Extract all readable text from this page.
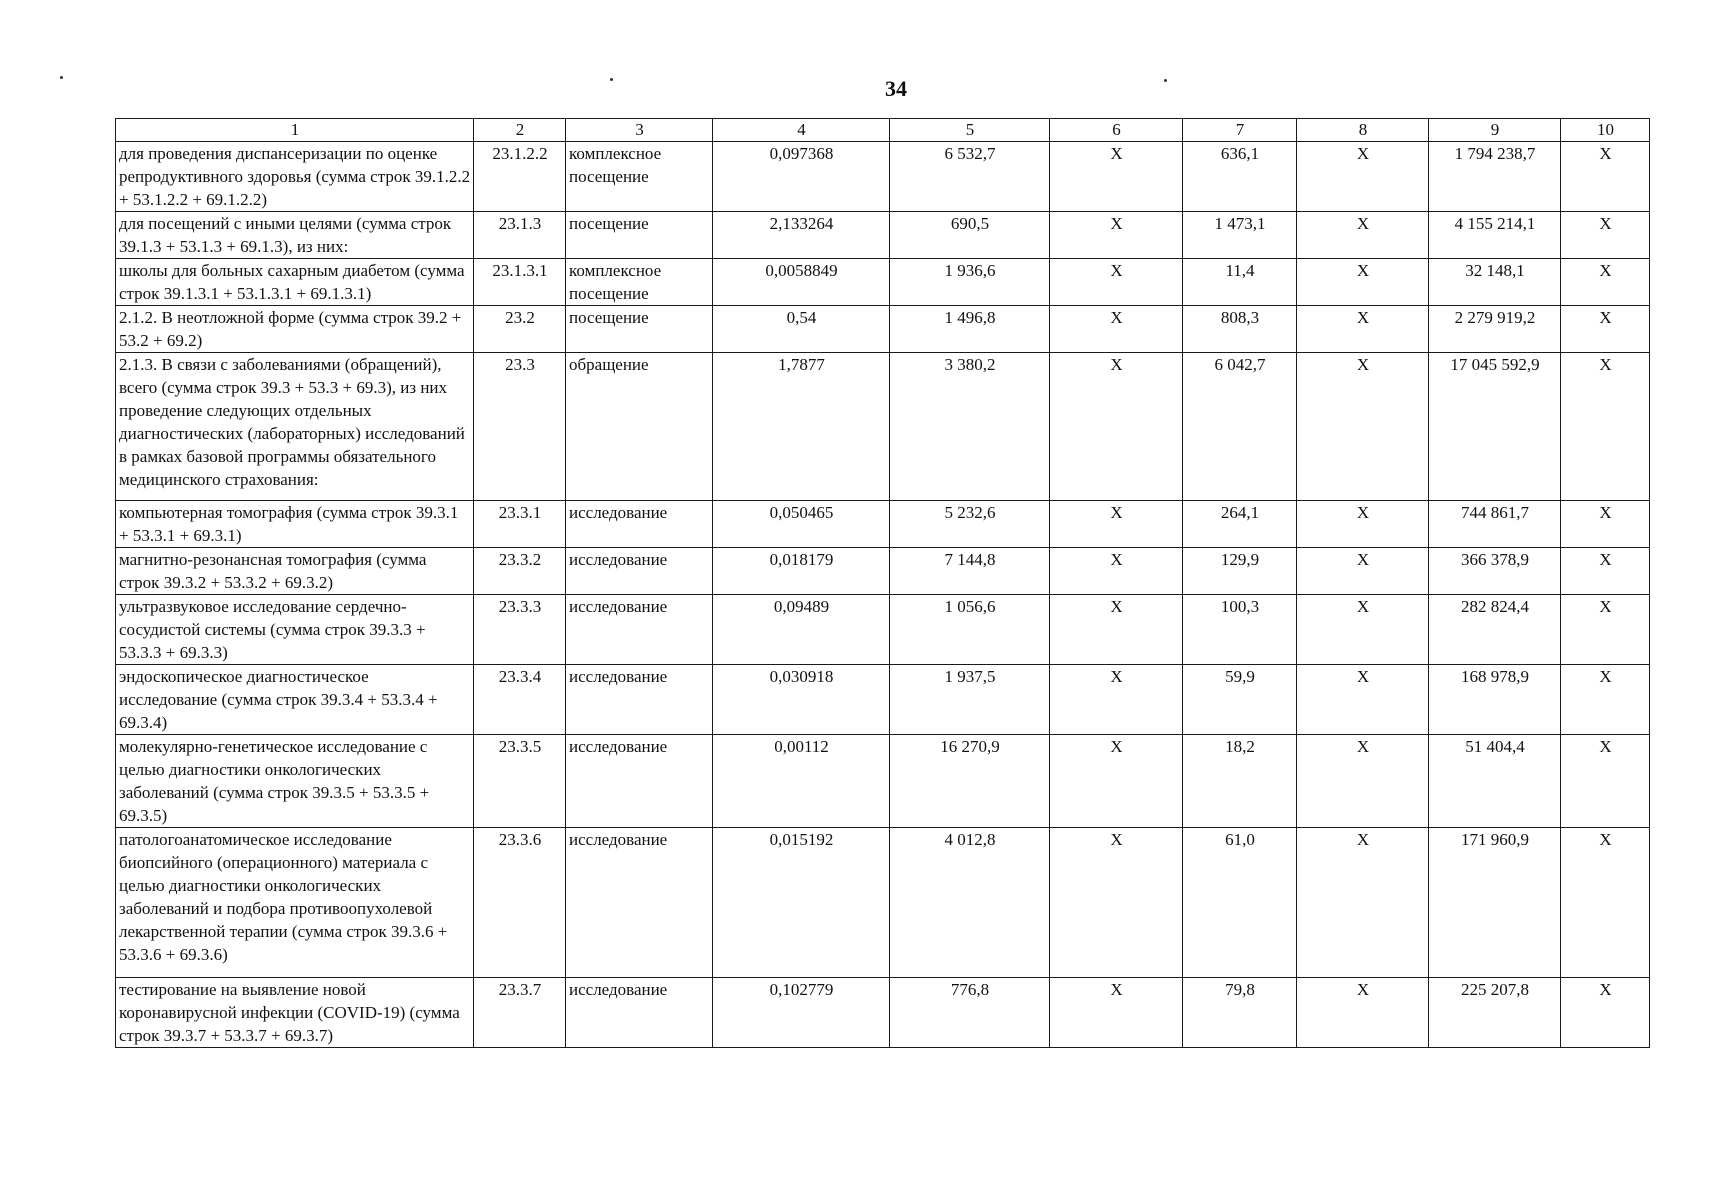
34
1	2	3	4	5	6	7	8	9	10
для проведения диспансеризации по оценке репродуктивного здоровья (сумма строк 39.1.2.2 + 53.1.2.2 + 69.1.2.2)	23.1.2.2	комплексное посещение	0,097368	6 532,7	X	636,1	X	1 794 238,7	X
для посещений с иными целями (сумма строк 39.1.3 + 53.1.3 + 69.1.3), из них:	23.1.3	посещение	2,133264	690,5	X	1 473,1	X	4 155 214,1	X
школы для больных сахарным диабетом (сумма строк 39.1.3.1 + 53.1.3.1 + 69.1.3.1)	23.1.3.1	комплексное посещение	0,0058849	1 936,6	X	11,4	X	32 148,1	X
2.1.2. В неотложной форме (сумма строк 39.2 + 53.2 + 69.2)	23.2	посещение	0,54	1 496,8	X	808,3	X	2 279 919,2	X
2.1.3. В связи с заболеваниями (обращений), всего (сумма строк 39.3 + 53.3 + 69.3), из них проведение следующих отдельных диагностических (лабораторных) исследований в рамках базовой программы обязательного медицинского страхования:	23.3	обращение	1,7877	3 380,2	X	6 042,7	X	17 045 592,9	X
компьютерная томография (сумма строк 39.3.1 + 53.3.1 + 69.3.1)	23.3.1	исследование	0,050465	5 232,6	X	264,1	X	744 861,7	X
магнитно-резонансная томография (сумма строк 39.3.2 + 53.3.2 + 69.3.2)	23.3.2	исследование	0,018179	7 144,8	X	129,9	X	366 378,9	X
ультразвуковое исследование сердечно-сосудистой системы (сумма строк 39.3.3 + 53.3.3 + 69.3.3)	23.3.3	исследование	0,09489	1 056,6	X	100,3	X	282 824,4	X
эндоскопическое диагностическое исследование (сумма строк 39.3.4 + 53.3.4 + 69.3.4)	23.3.4	исследование	0,030918	1 937,5	X	59,9	X	168 978,9	X
молекулярно-генетическое исследование с целью диагностики онкологических заболеваний (сумма строк 39.3.5 + 53.3.5 + 69.3.5)	23.3.5	исследование	0,00112	16 270,9	X	18,2	X	51 404,4	X
патологоанатомическое исследование биопсийного (операционного) материала с целью диагностики онкологических заболеваний и подбора противоопухолевой лекарственной терапии (сумма строк 39.3.6 + 53.3.6 + 69.3.6)	23.3.6	исследование	0,015192	4 012,8	X	61,0	X	171 960,9	X
тестирование на выявление новой коронавирусной инфекции (COVID-19) (сумма строк 39.3.7 + 53.3.7 + 69.3.7)	23.3.7	исследование	0,102779	776,8	X	79,8	X	225 207,8	X
